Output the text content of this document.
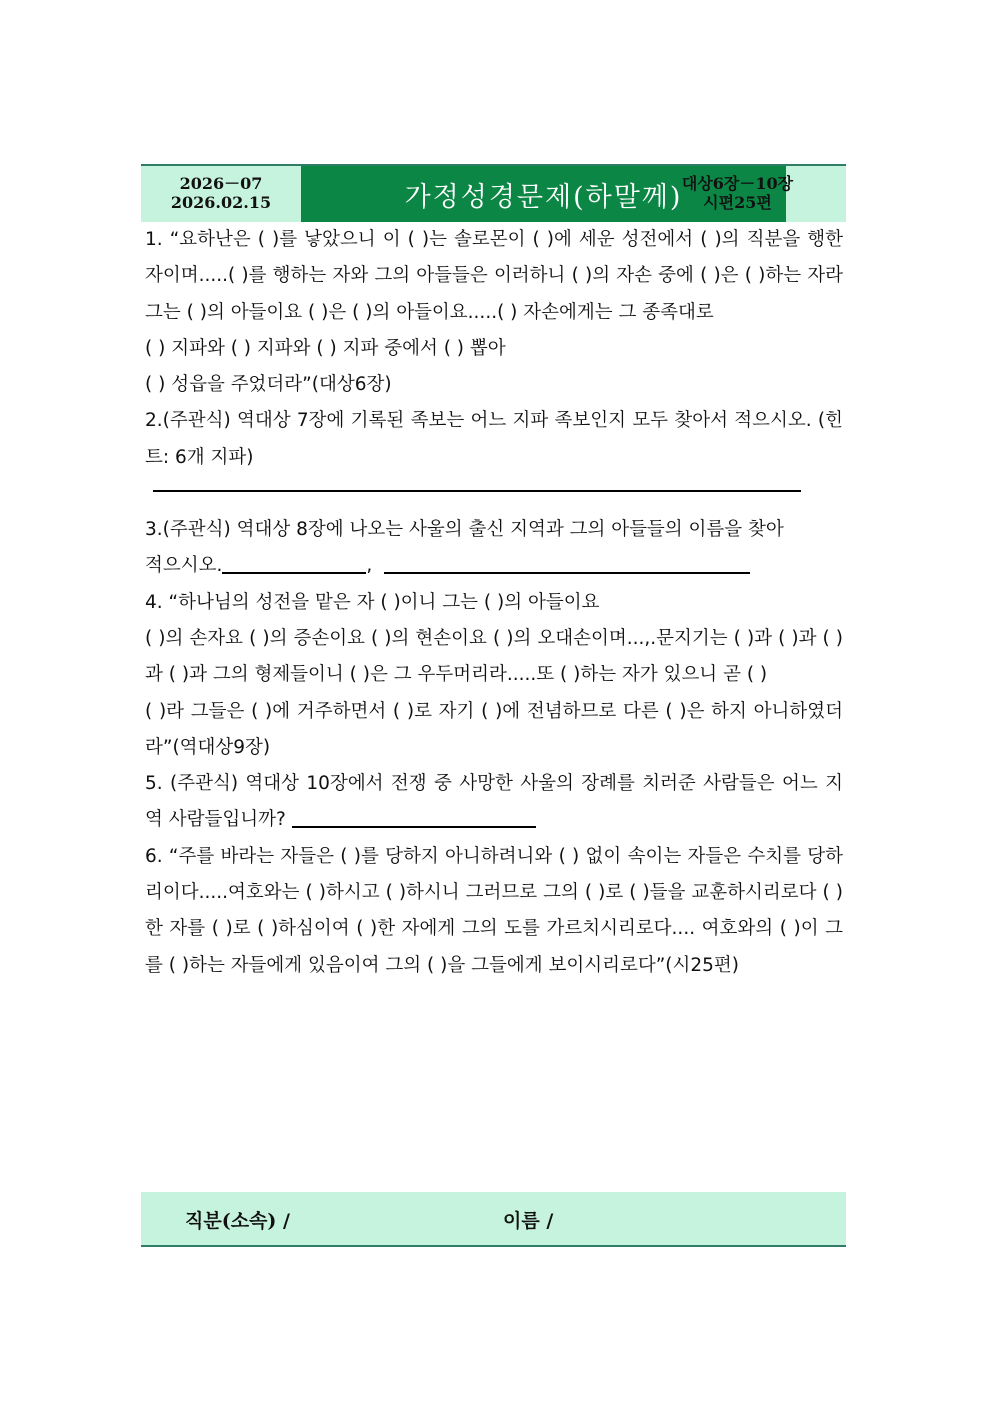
2026－07
2026.02.15	가정성경문제(하말께) 대상6장－10장
시편25편

1. “요하난은 ( )를 낳았으니 이 ( )는 솔로몬이 ( )에 세운 성전에서 ( )의 직분을 행한 자이며.....( )를 행하는 자와 그의 아들들은 이러하니 ( )의 자손 중에 ( )은 ( )하는 자라 그는 ( )의 아들이요 ( )은 ( )의 아들이요.....( ) 자손에게는 그 종족대로

( ) 지파와 ( ) 지파와 ( ) 지파 중에서 ( ) 뽑아

( ) 성읍을 주었더라”(대상6장)

2.(주관식) 역대상 7장에 기록된 족보는 어느 지파 족보인지 모두 찾아서 적으시오. (힌트: 6개 지파)

3.(주관식) 역대상 8장에 나오는 사울의 출신 지역과 그의 아들들의 이름을 찾아

적으시오.	,

4. “하나님의 성전을 맡은 자 ( )이니 그는 ( )의 아들이요

( )의 손자요 ( )의 증손이요 ( )의 현손이요 ( )의 오대손이며...,.문지기는 ( )과 ( )과 ( )과 ( )과 그의 형제들이니 ( )은 그 우두머리라.....또 ( )하는 자가 있으니 곧 ( )

( )라 그들은 ( )에 거주하면서 ( )로 자기 ( )에 전념하므로 다른 ( )은 하지 아니하였더라”(역대상9장)

5. (주관식) 역대상 10장에서 전쟁 중 사망한 사울의 장례를 치러준 사람들은 어느 지역 사람들입니까?

6. “주를 바라는 자들은 ( )를 당하지 아니하려니와 ( ) 없이 속이는 자들은 수치를 당하리이다.....여호와는 ( )하시고 ( )하시니 그러므로 그의 ( )로 ( )들을 교훈하시리로다 ( )한 자를 ( )로 ( )하심이여 ( )한 자에게 그의 도를 가르치시리로다.... 여호와의 ( )이 그를 ( )하는 자들에게 있음이여 그의 ( )을 그들에게 보이시리로다”(시25편)

직분(소속) /	이름 /
